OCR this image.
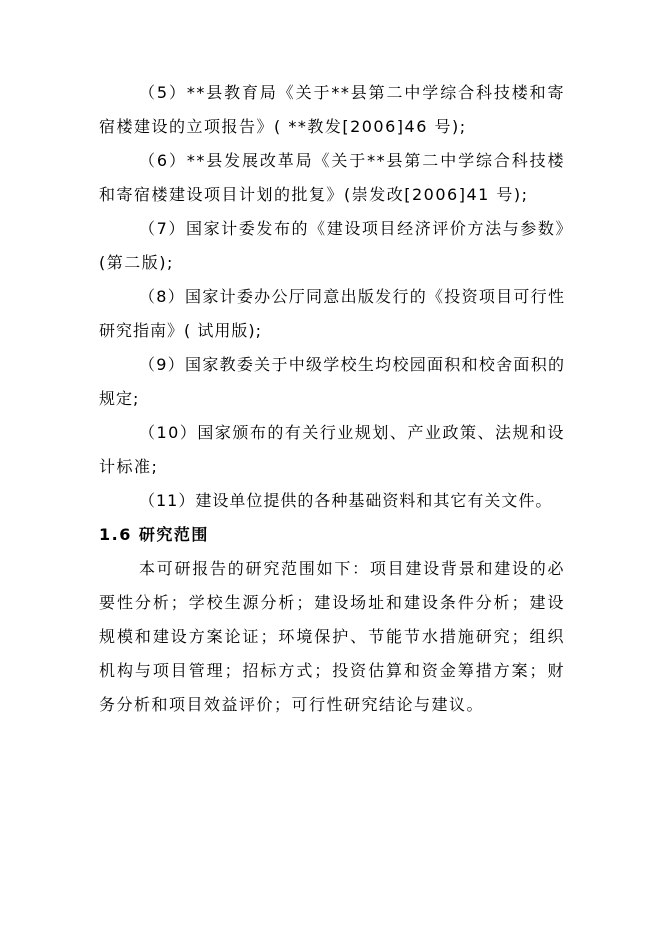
（5）**县教育局《关于**县第二中学综合科技楼和寄宿楼建设的立项报告》( **教发[2006]46 号);

（6）**县发展改革局《关于**县第二中学综合科技楼和寄宿楼建设项目计划的批复》(崇发改[2006]41 号);

（7）国家计委发布的《建设项目经济评价方法与参数》(第二版);

（8）国家计委办公厅同意出版发行的《投资项目可行性研究指南》( 试用版);

（9）国家教委关于中级学校生均校园面积和校舍面积的规定;

（10）国家颁布的有关行业规划、产业政策、法规和设计标准;

（11）建设单位提供的各种基础资料和其它有关文件。

1.6 研究范围

本可研报告的研究范围如下：项目建设背景和建设的必要性分析；学校生源分析；建设场址和建设条件分析；建设规模和建设方案论证；环境保护、节能节水措施研究；组织机构与项目管理；招标方式；投资估算和资金筹措方案；财务分析和项目效益评价；可行性研究结论与建议。
